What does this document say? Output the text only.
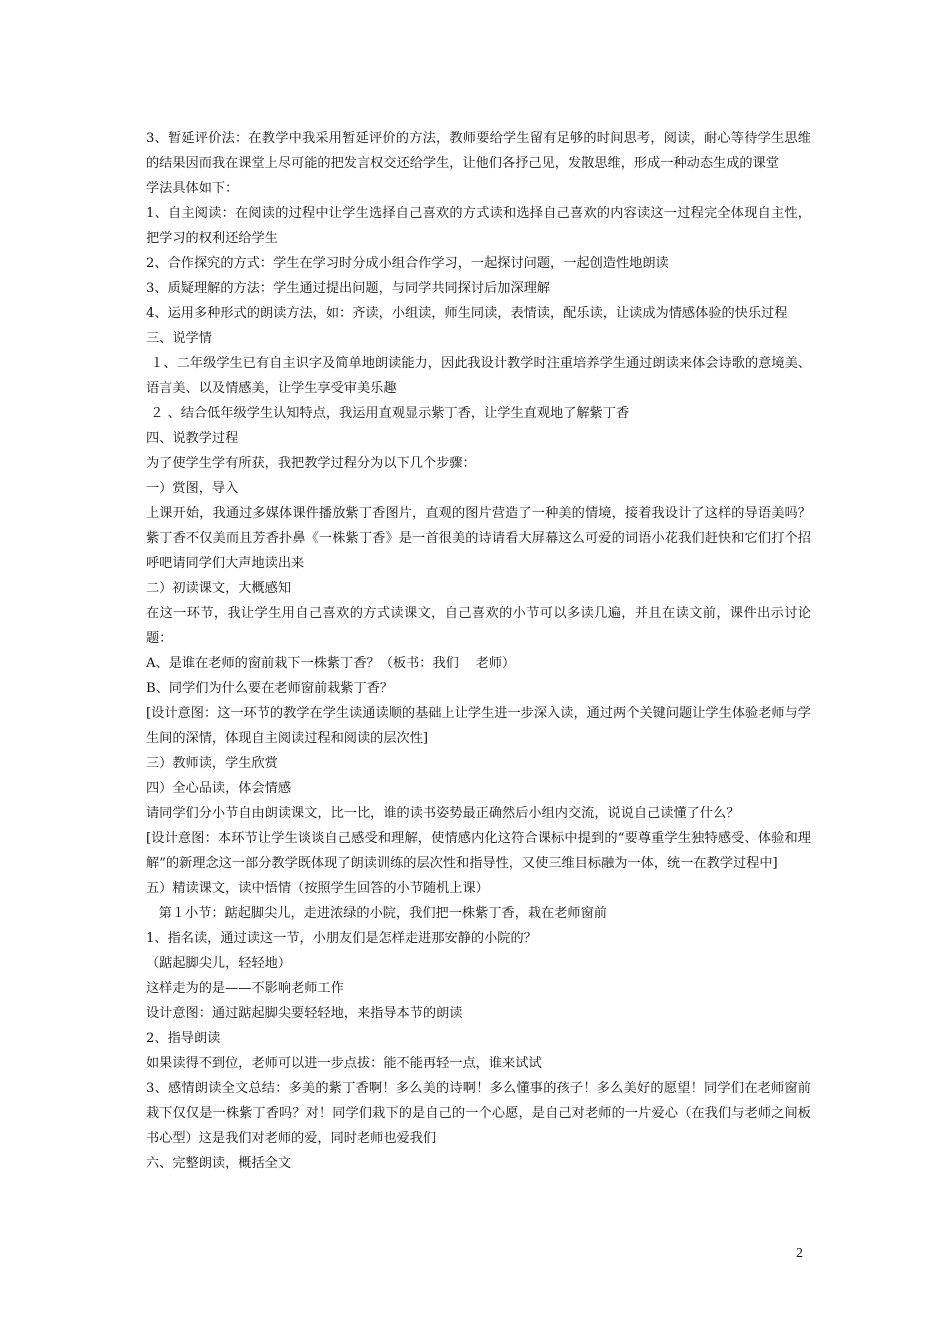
3、暂延评价法：在教学中我采用暂延评价的方法，教师要给学生留有足够的时间思考，阅读，耐心等待学生思维的结果因而我在课堂上尽可能的把发言权交还给学生，让他们各抒己见，发散思维，形成一种动态生成的课堂

学法具体如下：

1、自主阅读：在阅读的过程中让学生选择自己喜欢的方式读和选择自己喜欢的内容读这一过程完全体现自主性，把学习的权利还给学生

2、合作探究的方式：学生在学习时分成小组合作学习，一起探讨问题，一起创造性地朗读

3、质疑理解的方法：学生通过提出问题，与同学共同探讨后加深理解

4、运用多种形式的朗读方法，如：齐读，小组读，师生同读，表情读，配乐读，让读成为情感体验的快乐过程

三、说学情

１、二年级学生已有自主识字及简单地朗读能力，因此我设计教学时注重培养学生通过朗读来体会诗歌的意境美、语言美、以及情感美，让学生享受审美乐趣

２ 、结合低年级学生认知特点，我运用直观显示紫丁香，让学生直观地了解紫丁香

四、说教学过程

为了使学生学有所获，我把教学过程分为以下几个步骤：

一）赏图，导入

上课开始，我通过多媒体课件播放紫丁香图片，直观的图片营造了一种美的情境，接着我设计了这样的导语美吗？紫丁香不仅美而且芳香扑鼻《一株紫丁香》是一首很美的诗请看大屏幕这么可爱的词语小花我们赶快和它们打个招呼吧请同学们大声地读出来

二）初读课文，大概感知

在这一环节，我让学生用自己喜欢的方式读课文，自己喜欢的小节可以多读几遍，并且在读文前，课件出示讨论题：

A、是谁在老师的窗前栽下一株紫丁香？（板书：我们    老师）

B、同学们为什么要在老师窗前栽紫丁香？

[设计意图：这一环节的教学在学生读通读顺的基础上让学生进一步深入读，通过两个关键问题让学生体验老师与学生间的深情，体现自主阅读过程和阅读的层次性]

三）教师读，学生欣赏

四）全心品读，体会情感

请同学们分小节自由朗读课文，比一比，谁的读书姿势最正确然后小组内交流，说说自己读懂了什么？

[设计意图：本环节让学生谈谈自己感受和理解，使情感内化这符合课标中提到的“要尊重学生独特感受、体验和理解”的新理念这一部分教学既体现了朗读训练的层次性和指导性，又使三维目标融为一体，统一在教学过程中]

五）精读课文，读中悟情（按照学生回答的小节随机上课）

第１小节：踮起脚尖儿，走进浓绿的小院，我们把一株紫丁香，栽在老师窗前

1、指名读，通过读这一节，小朋友们是怎样走进那安静的小院的？

（踮起脚尖儿，轻轻地）

这样走为的是——不影响老师工作

设计意图：通过踮起脚尖要轻轻地，来指导本节的朗读

2、指导朗读

如果读得不到位，老师可以进一步点拔：能不能再轻一点，谁来试试

3、感情朗读全文总结：多美的紫丁香啊！多么美的诗啊！多么懂事的孩子！多么美好的愿望！同学们在老师窗前栽下仅仅是一株紫丁香吗？对！同学们栽下的是自己的一个心愿，是自己对老师的一片爱心（在我们与老师之间板书心型）这是我们对老师的爱，同时老师也爱我们

六、完整朗读，概括全文

2
